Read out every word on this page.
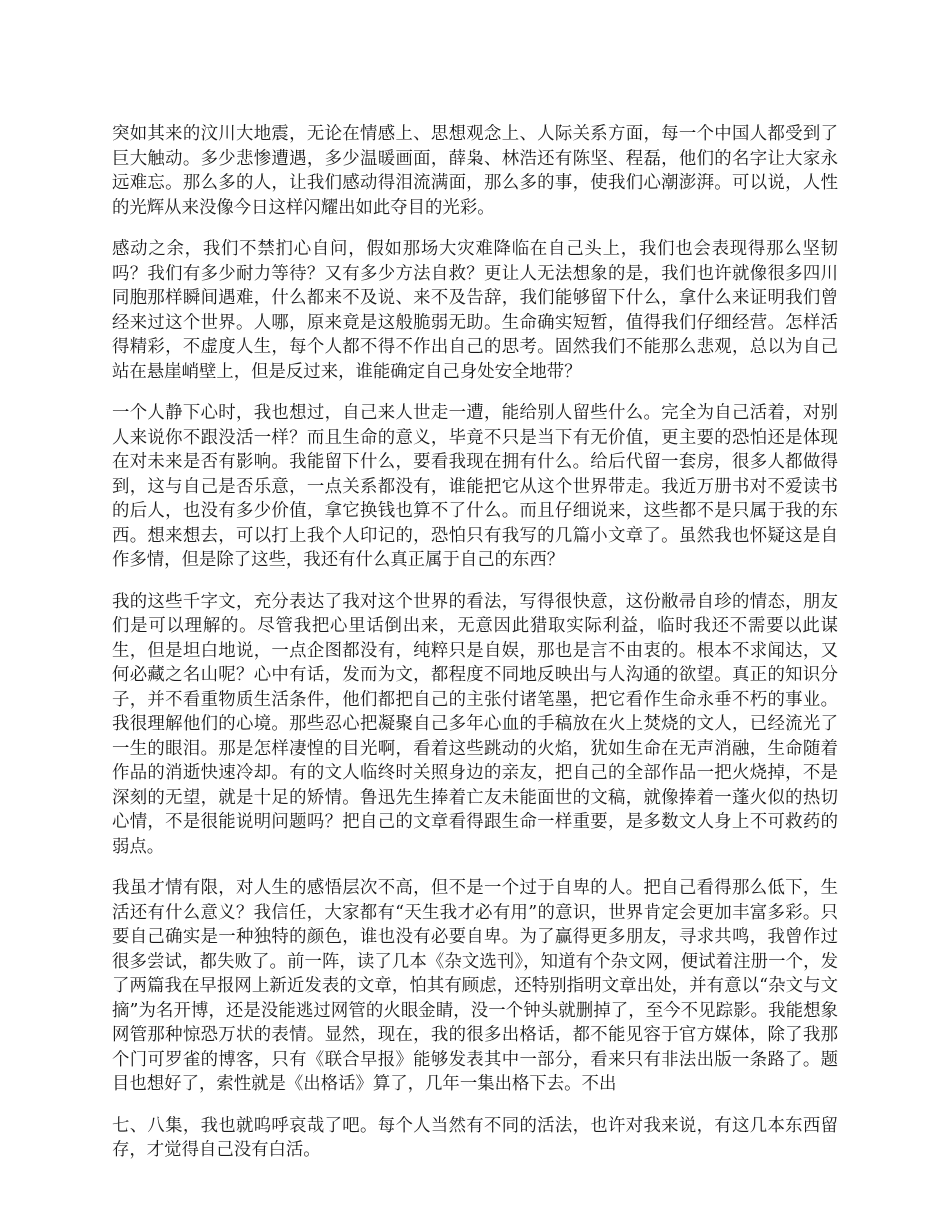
突如其来的汶川大地震，无论在情感上、思想观念上、人际关系方面，每一个中国人都受到了巨大触动。多少悲惨遭遇，多少温暖画面，薛枭、林浩还有陈坚、程磊，他们的名字让大家永远难忘。那么多的人，让我们感动得泪流满面，那么多的事，使我们心潮澎湃。可以说，人性的光辉从来没像今日这样闪耀出如此夺目的光彩。

感动之余，我们不禁扪心自问，假如那场大灾难降临在自己头上，我们也会表现得那么坚韧吗？我们有多少耐力等待？又有多少方法自救？更让人无法想象的是，我们也许就像很多四川同胞那样瞬间遇难，什么都来不及说、来不及告辞，我们能够留下什么，拿什么来证明我们曾经来过这个世界。人哪，原来竟是这般脆弱无助。生命确实短暂，值得我们仔细经营。怎样活得精彩，不虚度人生，每个人都不得不作出自己的思考。固然我们不能那么悲观，总以为自己站在悬崖峭壁上，但是反过来，谁能确定自己身处安全地带？

一个人静下心时，我也想过，自己来人世走一遭，能给别人留些什么。完全为自己活着，对别人来说你不跟没活一样？而且生命的意义，毕竟不只是当下有无价值，更主要的恐怕还是体现在对未来是否有影响。我能留下什么，要看我现在拥有什么。给后代留一套房，很多人都做得到，这与自己是否乐意，一点关系都没有，谁能把它从这个世界带走。我近万册书对不爱读书的后人，也没有多少价值，拿它换钱也算不了什么。而且仔细说来，这些都不是只属于我的东西。想来想去，可以打上我个人印记的，恐怕只有我写的几篇小文章了。虽然我也怀疑这是自作多情，但是除了这些，我还有什么真正属于自己的东西？

我的这些千字文，充分表达了我对这个世界的看法，写得很快意，这份敝帚自珍的情态，朋友们是可以理解的。尽管我把心里话倒出来，无意因此猎取实际利益，临时我还不需要以此谋生，但是坦白地说，一点企图都没有，纯粹只是自娱，那也是言不由衷的。根本不求闻达，又何必藏之名山呢？心中有话，发而为文，都程度不同地反映出与人沟通的欲望。真正的知识分子，并不看重物质生活条件，他们都把自己的主张付诸笔墨，把它看作生命永垂不朽的事业。我很理解他们的心境。那些忍心把凝聚自己多年心血的手稿放在火上焚烧的文人，已经流光了一生的眼泪。那是怎样凄惶的目光啊，看着这些跳动的火焰，犹如生命在无声消融，生命随着作品的消逝快速冷却。有的文人临终时关照身边的亲友，把自己的全部作品一把火烧掉，不是深刻的无望，就是十足的矫情。鲁迅先生捧着亡友未能面世的文稿，就像捧着一蓬火似的热切心情，不是很能说明问题吗？把自己的文章看得跟生命一样重要，是多数文人身上不可救药的弱点。

我虽才情有限，对人生的感悟层次不高，但不是一个过于自卑的人。把自己看得那么低下，生活还有什么意义？我信任，大家都有“天生我才必有用”的意识，世界肯定会更加丰富多彩。只要自己确实是一种独特的颜色，谁也没有必要自卑。为了赢得更多朋友，寻求共鸣，我曾作过很多尝试，都失败了。前一阵，读了几本《杂文选刊》，知道有个杂文网，便试着注册一个，发了两篇我在早报网上新近发表的文章，怕其有顾虑，还特别指明文章出处，并有意以“杂文与文摘”为名开博，还是没能逃过网管的火眼金睛，没一个钟头就删掉了，至今不见踪影。我能想象网管那种惊恐万状的表情。显然，现在，我的很多出格话，都不能见容于官方媒体，除了我那个门可罗雀的博客，只有《联合早报》能够发表其中一部分，看来只有非法出版一条路了。题目也想好了，索性就是《出格话》算了，几年一集出格下去。不出

七、八集，我也就呜呼哀哉了吧。每个人当然有不同的活法，也许对我来说，有这几本东西留存，才觉得自己没有白活。
